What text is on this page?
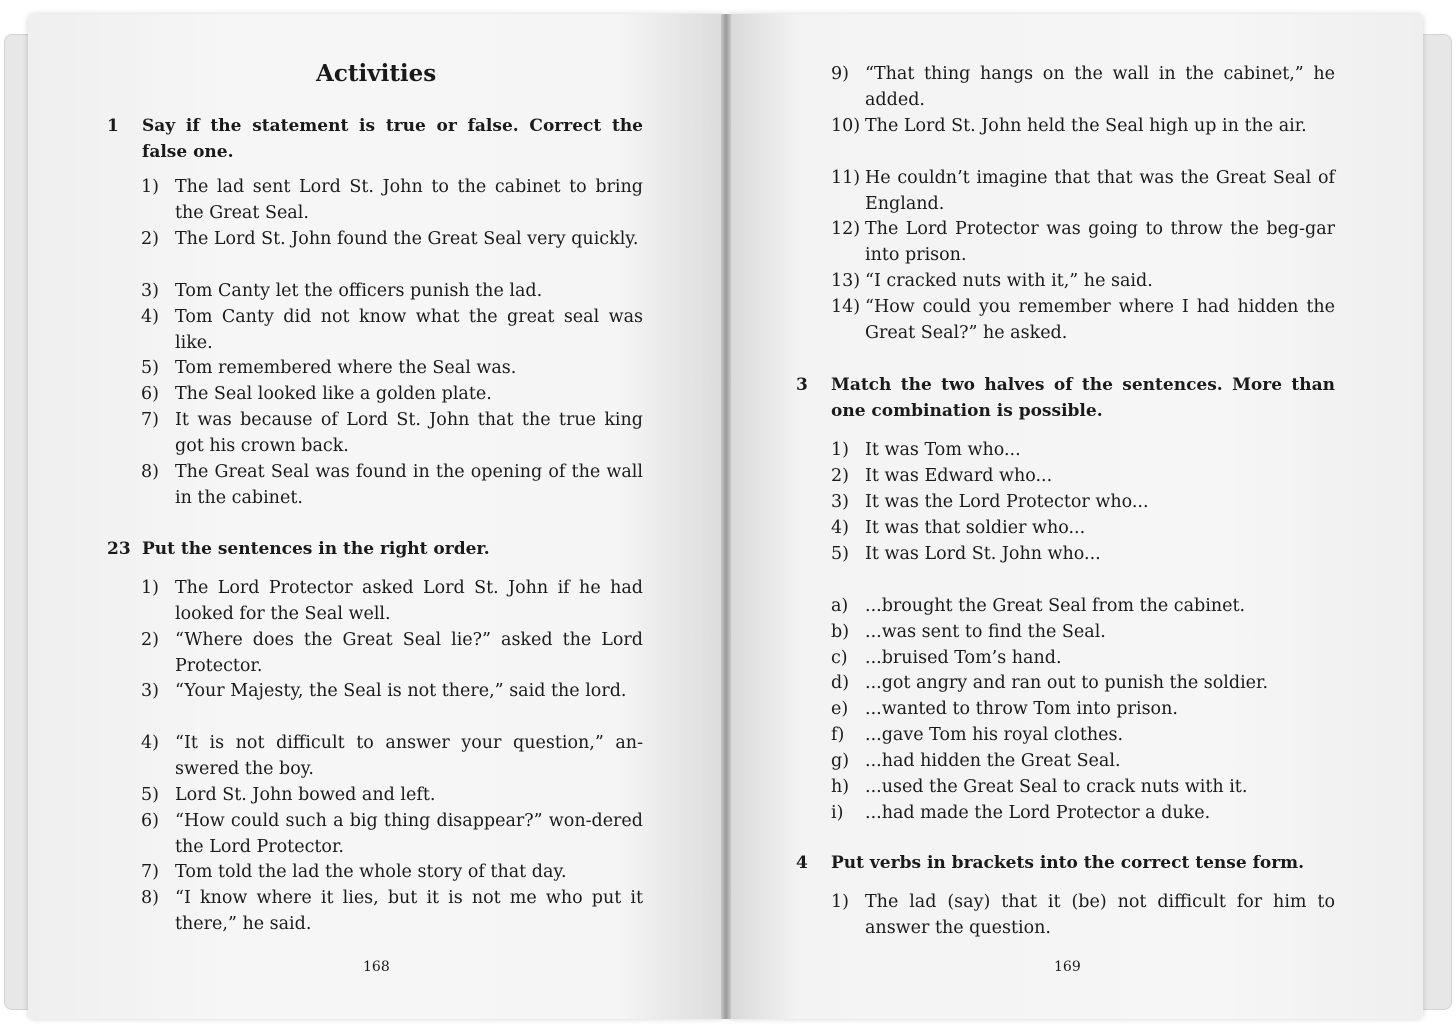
Activities
1	Say if the statement is true or false. Correct the false one.
1) The lad sent Lord St. John to the cabinet to bring the Great Seal.
2) The Lord St. John found the Great Seal very quickly.
3) Tom Canty let the officers punish the lad.
4) Tom Canty did not know what the great seal was like.
5) Tom remembered where the Seal was.
6) The Seal looked like a golden plate.
7) It was because of Lord St. John that the true king got his crown back.
8) The Great Seal was found in the opening of the wall in the cabinet.
23 Put the sentences in the right order.
1) The Lord Protector asked Lord St. John if he had looked for the Seal well.
2) “Where does the Great Seal lie?” asked the Lord Protector.
3) “Your Majesty, the Seal is not there,” said the lord.
4) “It is not difficult to answer your question,” an-swered the boy.
5) Lord St. John bowed and left.
6) “How could such a big thing disappear?” won-dered the Lord Protector.
7) Tom told the lad the whole story of that day.
8) “I know where it lies, but it is not me who put it there,” he said.
168
9) “That thing hangs on the wall in the cabinet,” he added.
10) The Lord St. John held the Seal high up in the air.
11) He couldn’t imagine that that was the Great Seal of England.
12) The Lord Protector was going to throw the beg-gar into prison.
13) “I cracked nuts with it,” he said.
14) “How could you remember where I had hidden the Great Seal?” he asked.
3	Match the two halves of the sentences. More than one combination is possible.
1) It was Tom who...
2) It was Edward who...
3) It was the Lord Protector who...
4) It was that soldier who...
5) It was Lord St. John who...
a) ...brought the Great Seal from the cabinet.
b) ...was sent to find the Seal.
c) ...bruised Tom’s hand.
d) ...got angry and ran out to punish the soldier.
e) ...wanted to throw Tom into prison.
f)	...gave Tom his royal clothes.
g) ...had hidden the Great Seal.
h) ...used the Great Seal to crack nuts with it.
i)	...had made the Lord Protector a duke.
4	Put verbs in brackets into the correct tense form.
1) The lad (say) that it (be) not difficult for him to answer the question.
169
